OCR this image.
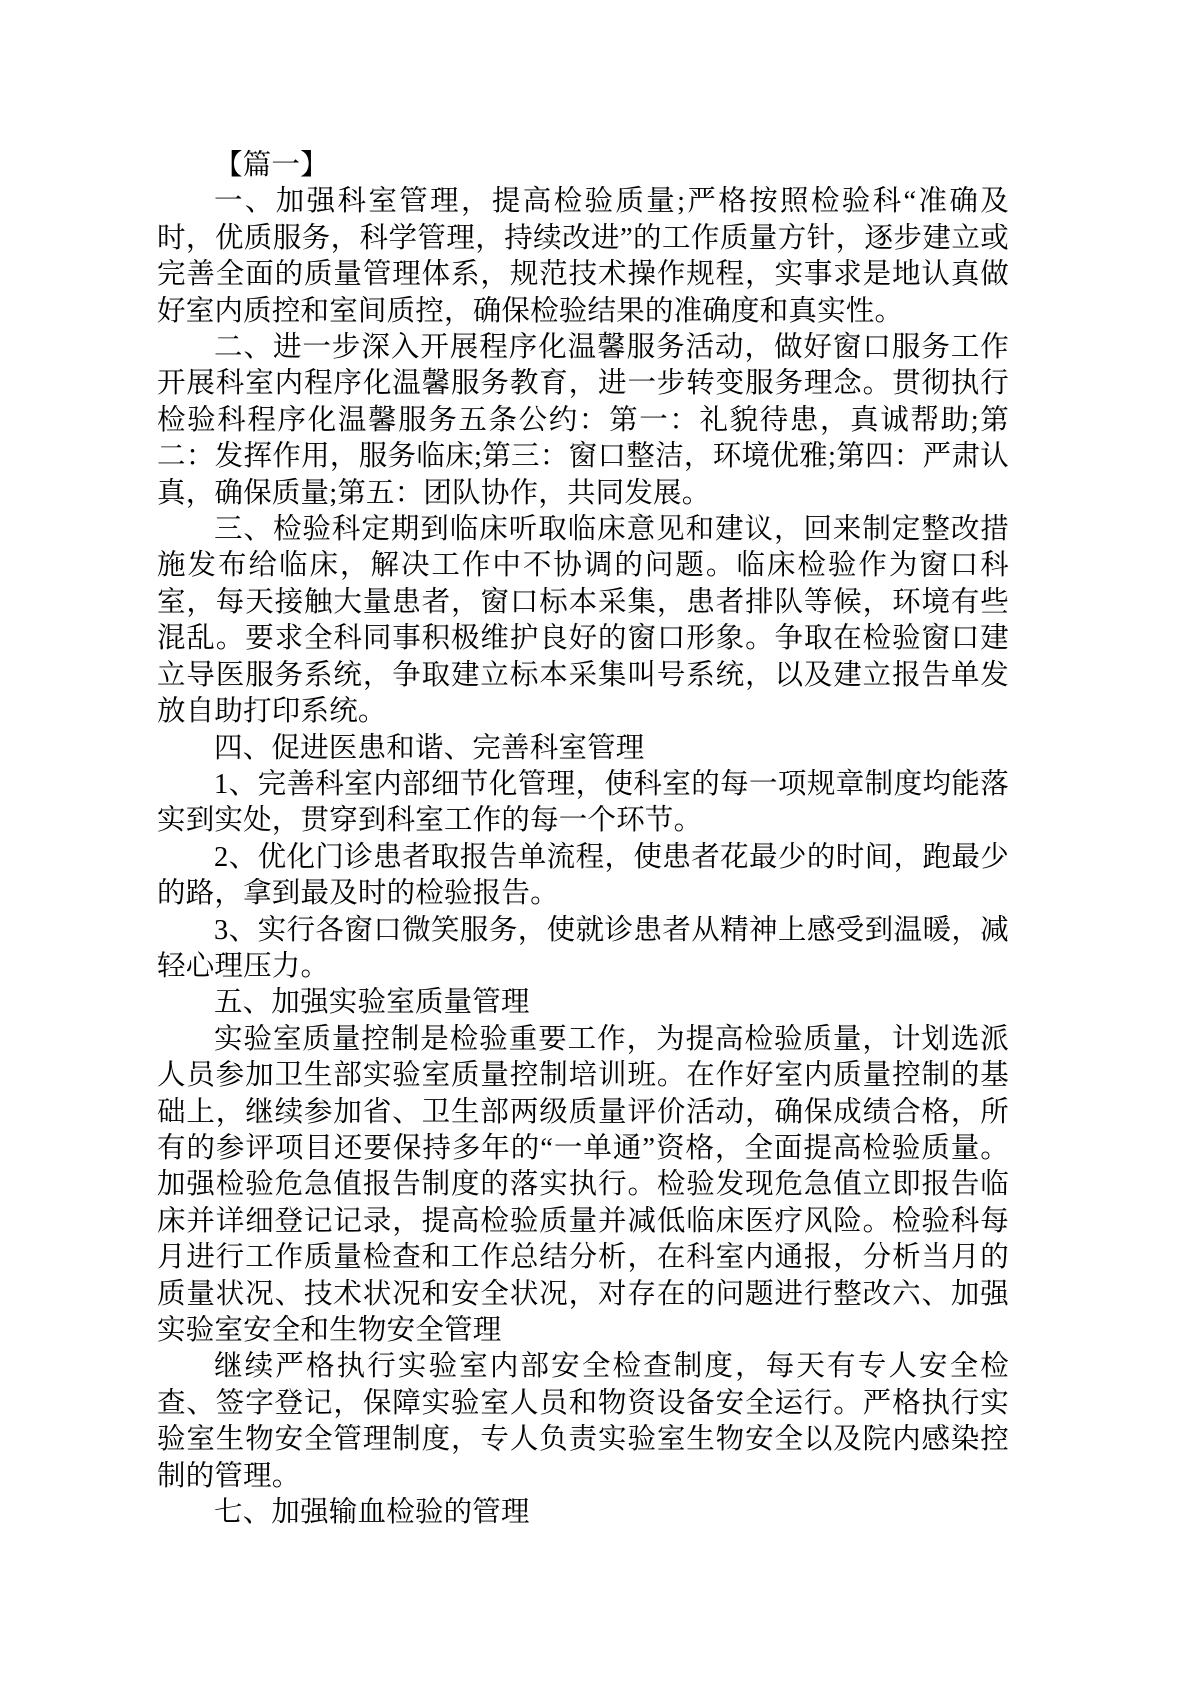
【篇一】

一、加强科室管理，提高检验质量;严格按照检验科“准确及时，优质服务，科学管理，持续改进”的工作质量方针，逐步建立或完善全面的质量管理体系，规范技术操作规程，实事求是地认真做好室内质控和室间质控，确保检验结果的准确度和真实性。

二、进一步深入开展程序化温馨服务活动，做好窗口服务工作开展科室内程序化温馨服务教育，进一步转变服务理念。贯彻执行检验科程序化温馨服务五条公约：第一：礼貌待患，真诚帮助;第二：发挥作用，服务临床;第三：窗口整洁，环境优雅;第四：严肃认真，确保质量;第五：团队协作，共同发展。

三、检验科定期到临床听取临床意见和建议，回来制定整改措施发布给临床，解决工作中不协调的问题。临床检验作为窗口科室，每天接触大量患者，窗口标本采集，患者排队等候，环境有些混乱。要求全科同事积极维护良好的窗口形象。争取在检验窗口建立导医服务系统，争取建立标本采集叫号系统，以及建立报告单发放自助打印系统。

四、促进医患和谐、完善科室管理

1、完善科室内部细节化管理，使科室的每一项规章制度均能落实到实处，贯穿到科室工作的每一个环节。

2、优化门诊患者取报告单流程，使患者花最少的时间，跑最少的路，拿到最及时的检验报告。

3、实行各窗口微笑服务，使就诊患者从精神上感受到温暖，减轻心理压力。

五、加强实验室质量管理

实验室质量控制是检验重要工作，为提高检验质量，计划选派人员参加卫生部实验室质量控制培训班。在作好室内质量控制的基础上，继续参加省、卫生部两级质量评价活动，确保成绩合格，所有的参评项目还要保持多年的“一单通”资格，全面提高检验质量。加强检验危急值报告制度的落实执行。检验发现危急值立即报告临床并详细登记记录，提高检验质量并减低临床医疗风险。检验科每月进行工作质量检查和工作总结分析，在科室内通报，分析当月的质量状况、技术状况和安全状况，对存在的问题进行整改六、加强实验室安全和生物安全管理

继续严格执行实验室内部安全检查制度，每天有专人安全检查、签字登记，保障实验室人员和物资设备安全运行。严格执行实验室生物安全管理制度，专人负责实验室生物安全以及院内感染控制的管理。

七、加强输血检验的管理
